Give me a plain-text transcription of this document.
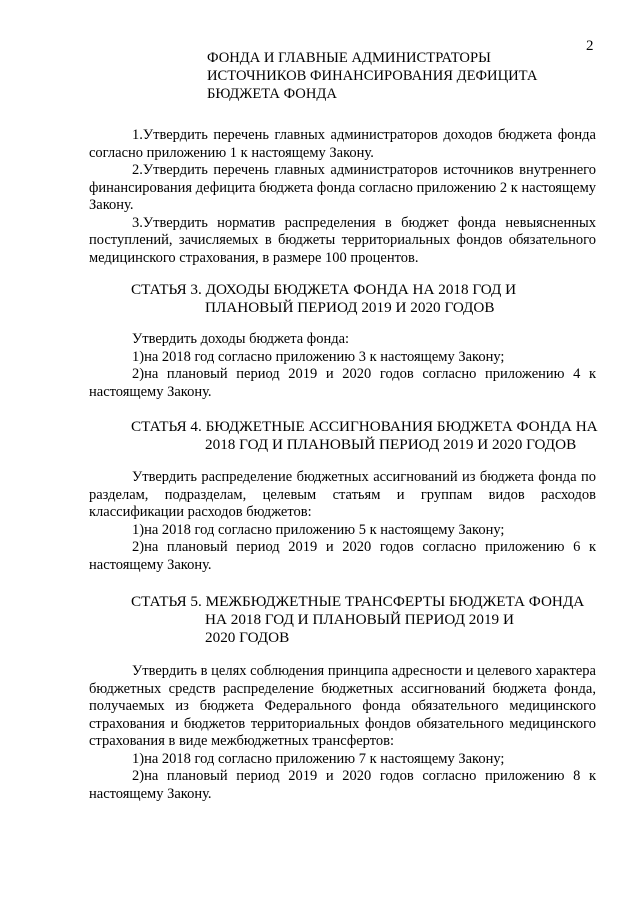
2
ФОНДА И ГЛАВНЫЕ АДМИНИСТРАТОРЫ
ИСТОЧНИКОВ ФИНАНСИРОВАНИЯ ДЕФИЦИТА
БЮДЖЕТА ФОНДА
1.Утвердить перечень главных администраторов доходов бюджета фонда согласно приложению 1 к настоящему Закону.
2.Утвердить перечень главных администраторов источников внутреннего финансирования дефицита бюджета фонда согласно приложению 2 к настоящему Закону.
3.Утвердить норматив распределения в бюджет фонда невыясненных поступлений, зачисляемых в бюджеты территориальных фондов обязательного медицинского страхования, в размере 100 процентов.
СТАТЬЯ 3. ДОХОДЫ БЮДЖЕТА ФОНДА НА 2018 ГОД И
ПЛАНОВЫЙ ПЕРИОД 2019 И 2020 ГОДОВ
Утвердить доходы бюджета фонда:
1)на 2018 год согласно приложению 3 к настоящему Закону;
2)на плановый период 2019 и 2020 годов согласно приложению 4 к настоящему Закону.
СТАТЬЯ 4. БЮДЖЕТНЫЕ АССИГНОВАНИЯ БЮДЖЕТА ФОНДА НА
2018 ГОД И ПЛАНОВЫЙ ПЕРИОД 2019 И 2020 ГОДОВ
Утвердить распределение бюджетных ассигнований из бюджета фонда по разделам, подразделам, целевым статьям и группам видов расходов классификации расходов бюджетов:
1)на 2018 год согласно приложению 5 к настоящему Закону;
2)на плановый период 2019 и 2020 годов согласно приложению 6 к настоящему Закону.
СТАТЬЯ 5. МЕЖБЮДЖЕТНЫЕ ТРАНСФЕРТЫ БЮДЖЕТА ФОНДА
НА 2018 ГОД И ПЛАНОВЫЙ ПЕРИОД 2019 И
2020 ГОДОВ
Утвердить в целях соблюдения принципа адресности и целевого характера бюджетных средств распределение бюджетных ассигнований бюджета фонда, получаемых из бюджета Федерального фонда обязательного медицинского страхования и бюджетов территориальных фондов обязательного медицинского страхования в виде межбюджетных трансфертов:
1)на 2018 год согласно приложению 7 к настоящему Закону;
2)на плановый период 2019 и 2020 годов согласно приложению 8 к настоящему Закону.
